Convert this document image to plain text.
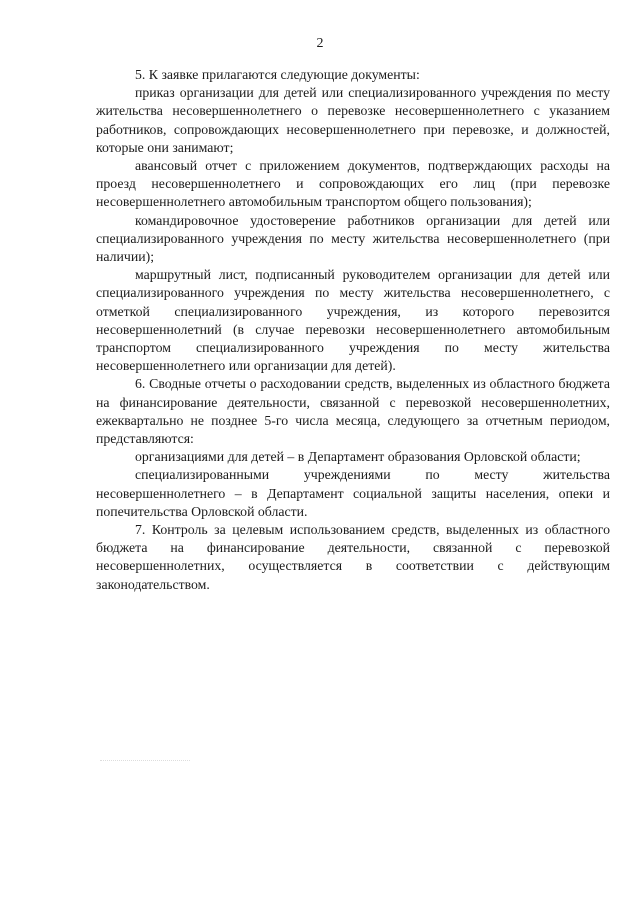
2

5. К заявке прилагаются следующие документы:

приказ организации для детей или специализированного учреждения по месту жительства несовершеннолетнего о перевозке несовершеннолетнего с указанием работников, сопровождающих несовершеннолетнего при перевозке, и должностей, которые они занимают;

авансовый отчет с приложением документов, подтверждающих расходы на проезд несовершеннолетнего и сопровождающих его лиц (при перевозке несовершеннолетнего автомобильным транспортом общего пользования);

командировочное удостоверение работников организации для детей или специализированного учреждения по месту жительства несовершеннолетнего (при наличии);

маршрутный лист, подписанный руководителем организации для детей или специализированного учреждения по месту жительства несовершеннолетнего, с отметкой специализированного учреждения, из которого перевозится несовершеннолетний (в случае перевозки несовершеннолетнего автомобильным транспортом специализированного учреждения по месту жительства несовершеннолетнего или организации для детей).

6. Сводные отчеты о расходовании средств, выделенных из областного бюджета на финансирование деятельности, связанной с перевозкой несовершеннолетних, ежеквартально не позднее 5-го числа месяца, следующего за отчетным периодом, представляются:

организациями для детей – в Департамент образования Орловской области;

специализированными учреждениями по месту жительства несовершеннолетнего – в Департамент социальной защиты населения, опеки и попечительства Орловской области.

7. Контроль за целевым использованием средств, выделенных из областного бюджета на финансирование деятельности, связанной с перевозкой несовершеннолетних, осуществляется в соответствии с действующим законодательством.
